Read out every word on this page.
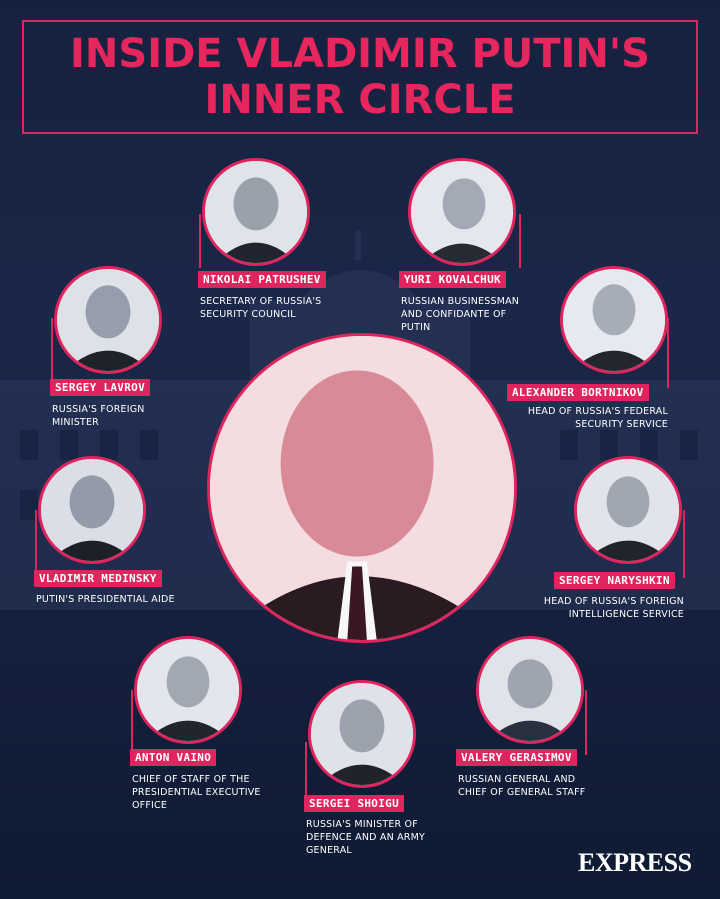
INSIDE VLADIMIR PUTIN'S
INNER CIRCLE
NIKOLAI PATRUSHEV	YURI KOVALCHUK
SERGEY LAVROV	ALEXANDER BORTNIKOV
VLADIMIR MEDINSKY	SERGEY NARYSHKIN
ANTON VAINO
SERGEI SHOIGU
VALERY GERASIMOV
SECRETARY OF RUSSIA'S
SECURITY COUNCIL
RUSSIAN BUSINESSMAN
AND CONFIDANTE OF
PUTIN
RUSSIA'S FOREIGN
MINISTER
HEAD OF RUSSIA'S FEDERAL
SECURITY SERVICE
PUTIN'S PRESIDENTIAL AIDE	HEAD OF RUSSIA'S FOREIGN
INTELLIGENCE SERVICE
CHIEF OF STAFF OF THE
PRESIDENTIAL EXECUTIVE
OFFICE
RUSSIA'S MINISTER OF
DEFENCE AND AN ARMY
GENERAL
RUSSIAN GENERAL AND
CHIEF OF GENERAL STAFF
EXPRESS
